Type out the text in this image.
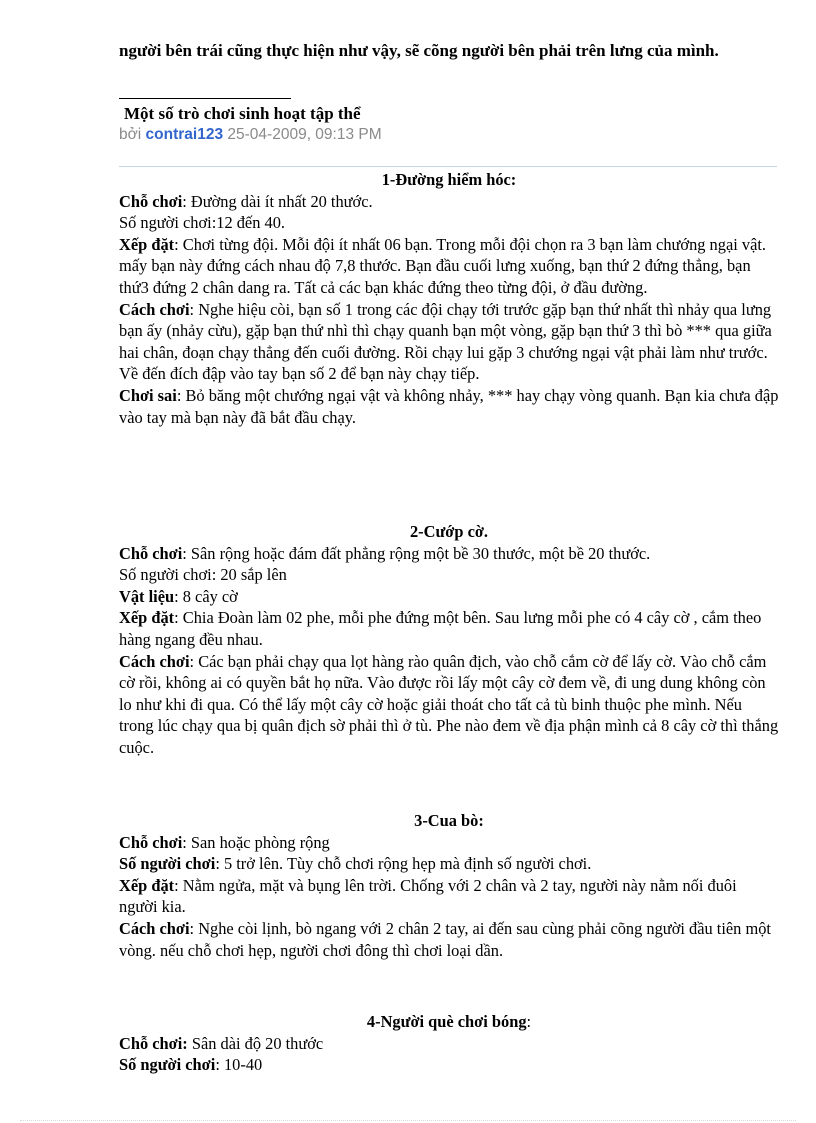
người bên trái cũng thực hiện như vậy, sẽ cõng người bên phải trên lưng của mình.

Một số trò chơi sinh hoạt tập thể
bởi contrai123 25-04-2009, 09:13 PM
1-Đường hiểm hóc:

Chỗ chơi: Đường dài ít nhất 20 thước.

Số người chơi:12 đến 40.

Xếp đặt: Chơi từng đội. Mỗi đội ít nhất 06 bạn. Trong mỗi đội chọn ra 3 bạn làm chướng ngại vật. mấy bạn này đứng cách nhau độ 7,8 thước. Bạn đầu cuối lưng xuống, bạn thứ 2 đứng thẳng, bạn thứ3 đứng 2 chân dang ra. Tất cả các bạn khác đứng theo từng đội, ở đầu đường.

Cách chơi: Nghe hiệu còi, bạn số 1 trong các đội chạy tới trước gặp bạn thứ nhất thì nhảy qua lưng bạn ấy (nhảy cừu), gặp bạn thứ nhì thì chạy quanh bạn một vòng, gặp bạn thứ 3 thì bò *** qua giữa hai chân, đoạn chạy thẳng đến cuối đường. Rồi chạy lui gặp 3 chướng ngại vật phải làm như trước. Về đến đích đập vào tay bạn số 2 để bạn này chạy tiếp.

Chơi sai: Bỏ băng một chướng ngại vật và không nhảy, *** hay chạy vòng quanh. Bạn kia chưa đập vào tay mà bạn này đã bắt đầu chạy.

2-Cướp cờ.

Chỗ chơi: Sân rộng hoặc đám đất phẳng rộng một bề 30 thước, một bề 20 thước.

Số người chơi: 20 sắp lên

Vật liệu: 8 cây cờ

Xếp đặt: Chia Đoàn làm 02 phe, mỗi phe đứng một bên. Sau lưng mỗi phe có 4 cây cờ , cắm theo hàng ngang đều nhau.

Cách chơi: Các bạn phải chạy qua lọt hàng rào quân địch, vào chỗ cắm cờ để lấy cờ. Vào chỗ cắm cờ rồi, không ai có quyền bắt họ nữa. Vào được rồi lấy một cây cờ đem về, đi ung dung không còn lo như khi đi qua. Có thể lấy một cây cờ hoặc giải thoát cho tất cả tù binh thuộc phe mình. Nếu trong lúc chạy qua bị quân địch sờ phải thì ở tù. Phe nào đem về địa phận mình cả 8 cây cờ thì thắng cuộc.

3-Cua bò:

Chỗ chơi: San hoặc phòng rộng

Số người chơi: 5 trở lên. Tùy chỗ chơi rộng hẹp mà định số người chơi.

Xếp đặt: Nằm ngửa, mặt và bụng lên trời. Chống với 2 chân và 2 tay, người này nằm nối đuôi người kia.

Cách chơi: Nghe còi lịnh, bò ngang với 2 chân 2 tay, ai đến sau cùng phải cõng người đầu tiên một vòng. nếu chỗ chơi hẹp, người chơi đông thì chơi loại dần.

4-Người què chơi bóng:

Chỗ chơi: Sân dài độ 20 thước

Số người chơi: 10-40
